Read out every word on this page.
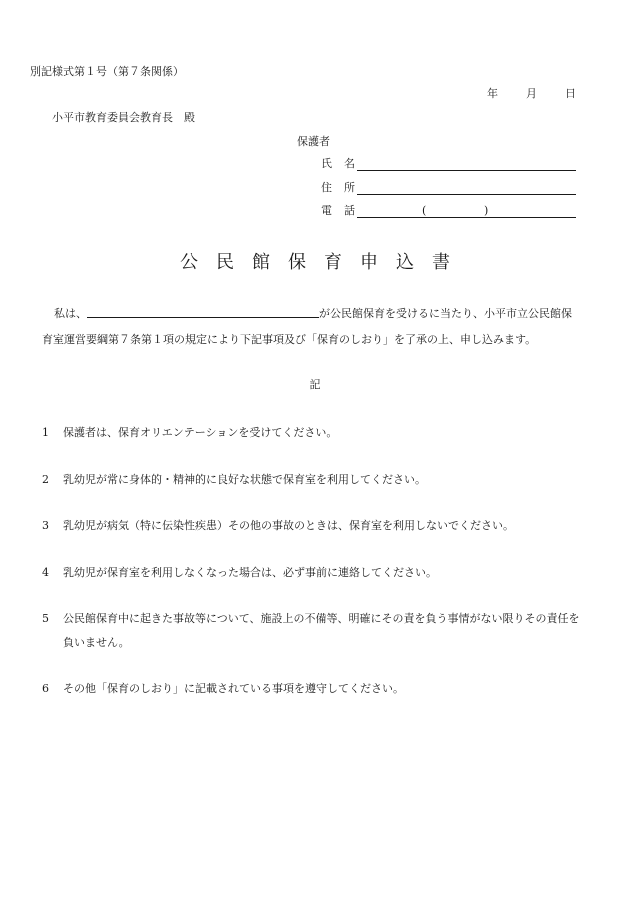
別記様式第１号（第７条関係）
年	月	日
小平市教育委員会教育長　殿
保護者
氏 名
住 所
電 話	(	)
公民館保育申込書
私は、	が公民館保育を受けるに当たり、小平市立公民館保育室運営要綱第７条第１項の規定により下記事項及び「保育のしおり」を了承の上、申し込みます。
記
1	保護者は、保育オリエンテーションを受けてください。
2	乳幼児が常に身体的・精神的に良好な状態で保育室を利用してください。
3	乳幼児が病気（特に伝染性疾患）その他の事故のときは、保育室を利用しないでください。
4	乳幼児が保育室を利用しなくなった場合は、必ず事前に連絡してください。
5	公民館保育中に起きた事故等について、施設上の不備等、明確にその責を負う事情がない限りその責任を負いません。
6	その他「保育のしおり」に記載されている事項を遵守してください。
